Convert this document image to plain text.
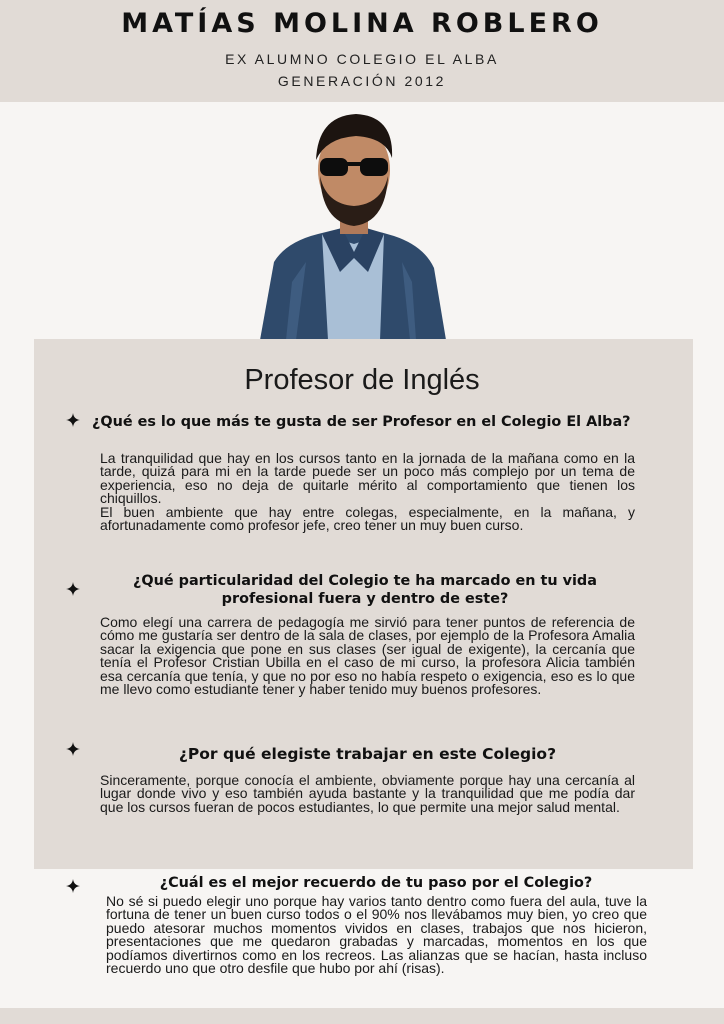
MATÍAS MOLINA ROBLERO
EX ALUMNO COLEGIO EL ALBA
GENERACIÓN 2012
Profesor de Inglés
¿Qué es lo que más te gusta de ser Profesor en el Colegio El Alba?

La tranquilidad que hay en los cursos tanto en la jornada de la mañana como en la tarde, quizá para mi en la tarde puede ser un poco más complejo por un tema de experiencia, eso no deja de quitarle mérito al comportamiento que tienen los chiquillos.

El buen ambiente que hay entre colegas, especialmente, en la mañana, y afortunadamente como profesor jefe, creo tener un muy buen curso.

¿Qué particularidad del Colegio te ha marcado en tu vida profesional fuera y dentro de este?

Como elegí una carrera de pedagogía me sirvió para tener puntos de referencia de cómo me gustaría ser dentro de la sala de clases, por ejemplo de la Profesora Amalia sacar la exigencia que pone en sus clases (ser igual de exigente), la cercanía que tenía el Profesor Cristian Ubilla en el caso de mi curso, la profesora Alicia también esa cercanía que tenía, y que no por eso no había respeto o exigencia, eso es lo que me llevo como estudiante tener y haber tenido muy buenos profesores.

¿Por qué elegiste trabajar en este Colegio?

Sinceramente, porque conocía el ambiente, obviamente porque hay una cercanía al lugar donde vivo y eso también ayuda bastante y la tranquilidad que me podía dar que los cursos fueran de pocos estudiantes, lo que permite una mejor salud mental.

¿Cuál es el mejor recuerdo de tu paso por el Colegio?

No sé si puedo elegir uno porque hay varios tanto dentro como fuera del aula, tuve la fortuna de tener un buen curso todos o el 90% nos llevábamos muy bien, yo creo que puedo atesorar muchos momentos vividos en clases, trabajos que nos hicieron, presentaciones que me quedaron grabadas y marcadas, momentos en los que podíamos divertirnos como en los recreos. Las alianzas que se hacían, hasta incluso recuerdo uno que otro desfile que hubo por ahí (risas).
